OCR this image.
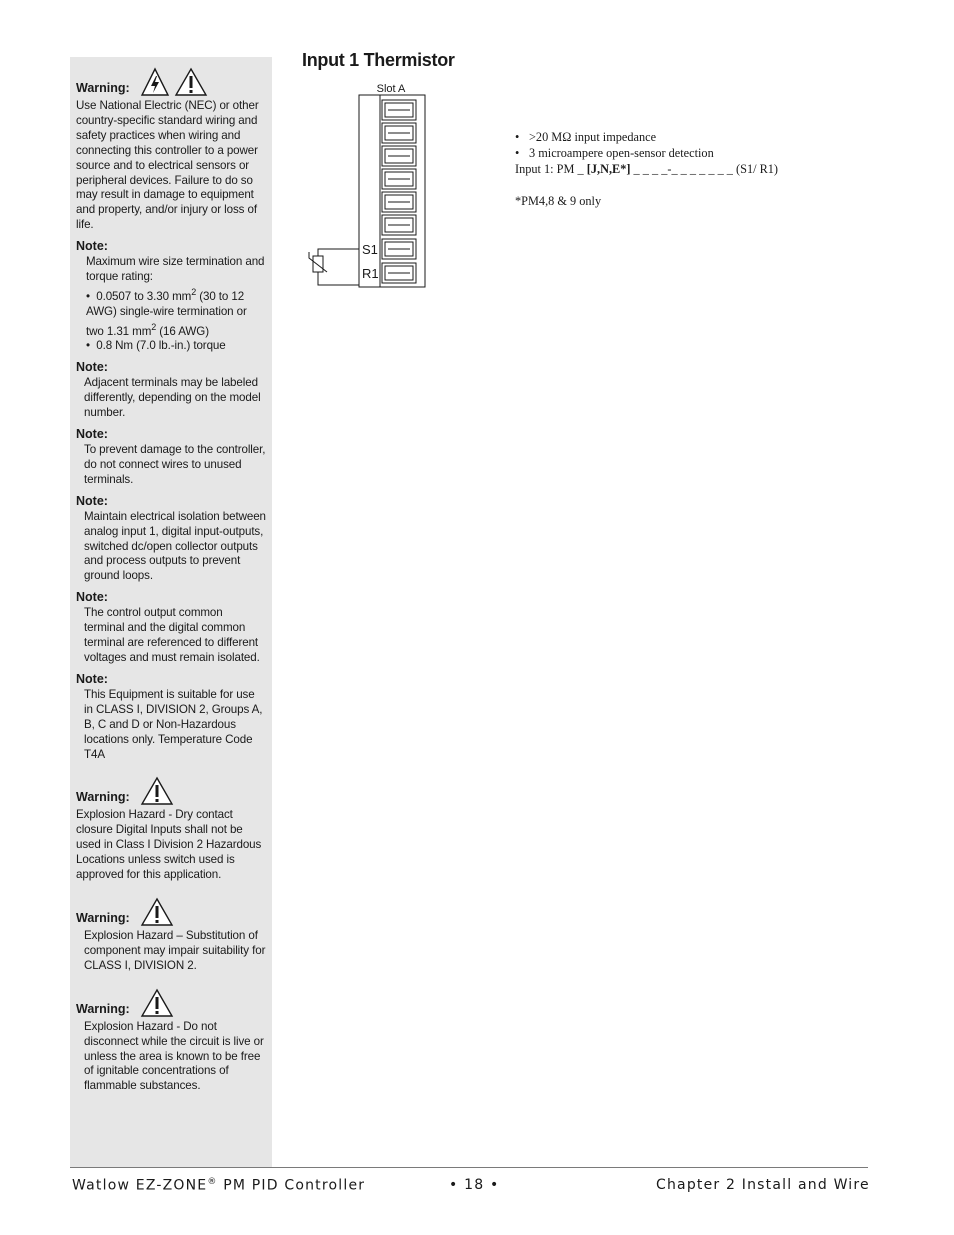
Warning:

Use National Electric (NEC) or other country-specific standard wiring and safety practices when wiring and connecting this controller to a power source and to electrical sensors or peripheral devices. Failure to do so may result in damage to equipment and property, and/or injury or loss of life.

Note:

Maximum wire size termination and torque rating:
• 0.0507 to 3.30 $mm^2$ (30 to 12 AWG) single-wire termination or two 1.31 $mm^2$ (16 AWG)
• 0.8 Nm (7.0 lb.-in.) torque

Note:

Adjacent terminals may be labeled differently, depending on the model number.

Note:

To prevent damage to the controller, do not connect wires to unused terminals.

Note:

Maintain electrical isolation between analog input 1, digital input-outputs, switched dc/open collector outputs and process outputs to prevent ground loops.

Note:

The control output common terminal and the digital common terminal are referenced to different voltages and must remain isolated.

Note:

This Equipment is suitable for use in CLASS I, DIVISION 2, Groups A, B, C and D or Non-Hazardous locations only. Temperature Code T4A

Warning:

Explosion Hazard - Dry contact closure Digital Inputs shall not be used in Class I Division 2 Hazardous Locations unless switch used is approved for this application.

Warning:

Explosion Hazard – Substitution of component may impair suitability for CLASS I, DIVISION 2.

Warning:

Explosion Hazard - Do not disconnect while the circuit is live or unless the area is known to be free of ignitable concentrations of flammable substances.

Input 1 Thermistor
Slot A
S1
R1
• >20 MΩ input impedance
• 3 microampere open-sensor detection

Input 1: PM _ [J,N,E*] _ _ _ _-_ _ _ _ _ _ _ (S1/ R1)

*PM4,8 & 9 only

Watlow EZ-ZONE® PM PID Controller	• 18 •	Chapter 2 Install and Wire
